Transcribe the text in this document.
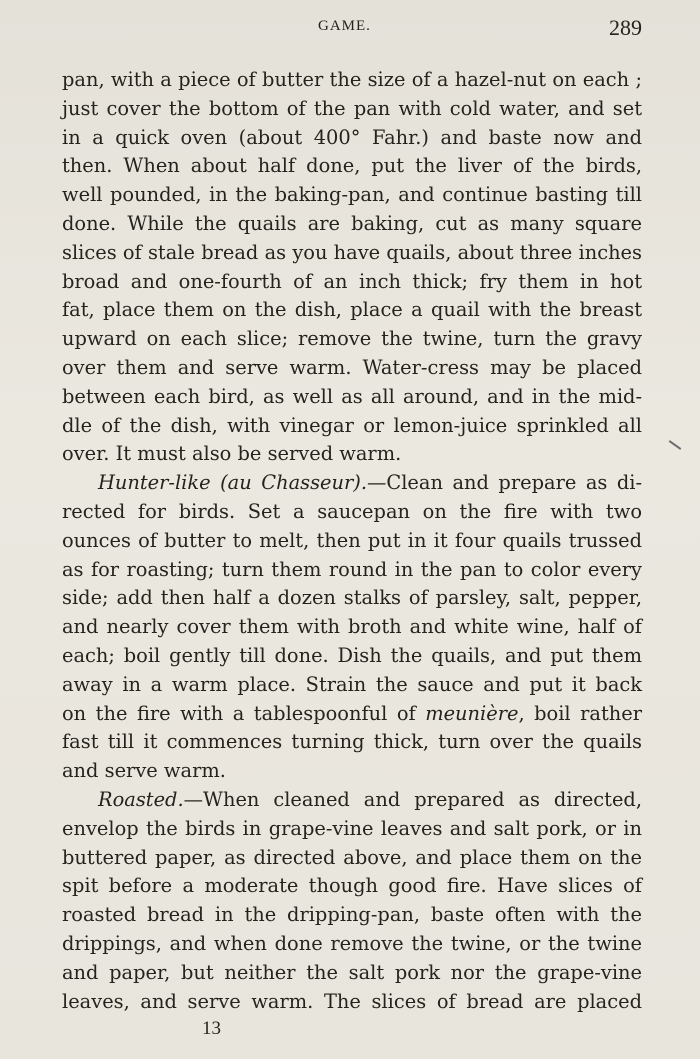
GAME.	289
pan, with a piece of butter the size of a hazel-nut on each ;
just cover the bottom of the pan with cold water, and set
in a quick oven (about 400° Fahr.) and baste now and
then. When about half done, put the liver of the birds,
well pounded, in the baking-pan, and continue basting till
done. While the quails are baking, cut as many square
slices of stale bread as you have quails, about three inches
broad and one-fourth of an inch thick; fry them in hot
fat, place them on the dish, place a quail with the breast
upward on each slice; remove the twine, turn the gravy
over them and serve warm. Water-cress may be placed
between each bird, as well as all around, and in the mid-
dle of the dish, with vinegar or lemon-juice sprinkled all
over. It must also be served warm.
Hunter-like (au Chasseur).—Clean and prepare as di-
rected for birds. Set a saucepan on the fire with two
ounces of butter to melt, then put in it four quails trussed
as for roasting; turn them round in the pan to color every
side; add then half a dozen stalks of parsley, salt, pepper,
and nearly cover them with broth and white wine, half of
each; boil gently till done. Dish the quails, and put them
away in a warm place. Strain the sauce and put it back
on the fire with a tablespoonful of meunière, boil rather
fast till it commences turning thick, turn over the quails
and serve warm.
Roasted.—When cleaned and prepared as directed,
envelop the birds in grape-vine leaves and salt pork, or in
buttered paper, as directed above, and place them on the
spit before a moderate though good fire. Have slices of
roasted bread in the dripping-pan, baste often with the
drippings, and when done remove the twine, or the twine
and paper, but neither the salt pork nor the grape-vine
leaves, and serve warm. The slices of bread are placed
13
